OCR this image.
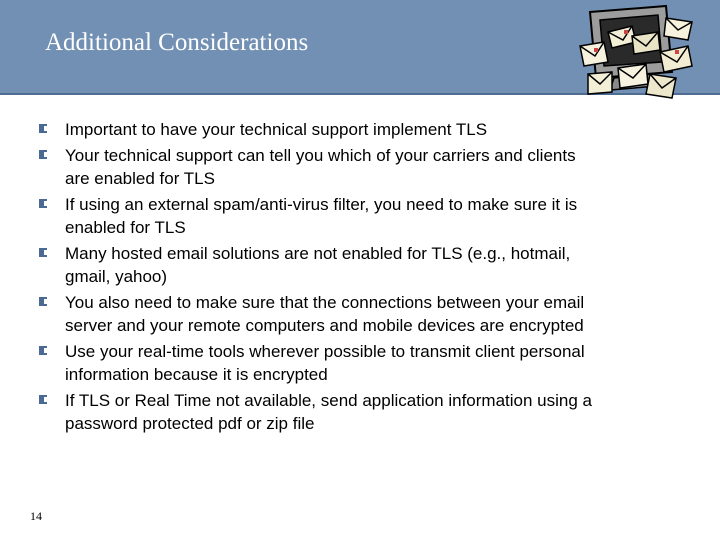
Additional Considerations
Important to have your technical support implement TLS
Your technical support can tell you which of your carriers and clients are enabled for TLS
If using an external spam/anti-virus filter, you need to make sure it is enabled for TLS
Many hosted email solutions are not enabled for TLS (e.g., hotmail, gmail, yahoo)
You also need to make sure that the connections between your email server and your remote computers and mobile devices are encrypted
Use your real-time tools wherever possible to transmit client personal information because it is encrypted
If TLS or Real Time not available, send application information using a password protected pdf or zip file
14
